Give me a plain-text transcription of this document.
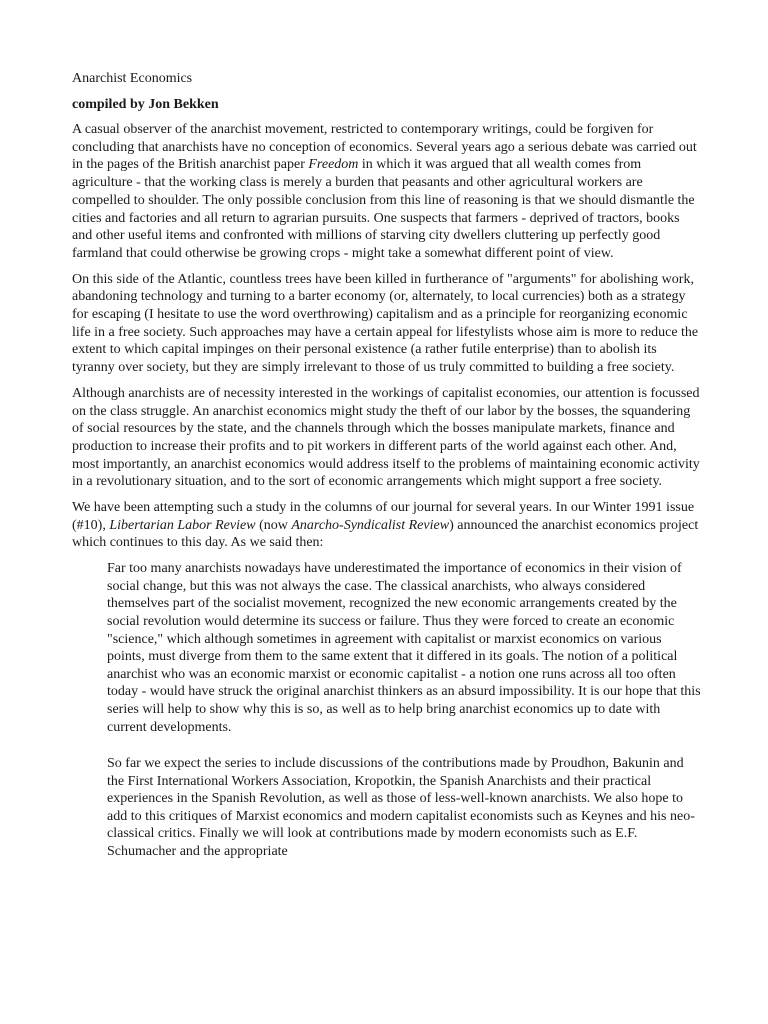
Anarchist Economics
compiled by Jon Bekken

A casual observer of the anarchist movement, restricted to contemporary writings, could be forgiven for concluding that anarchists have no conception of economics. Several years ago a serious debate was carried out in the pages of the British anarchist paper Freedom in which it was argued that all wealth comes from agriculture - that the working class is merely a burden that peasants and other agricultural workers are compelled to shoulder. The only possible conclusion from this line of reasoning is that we should dismantle the cities and factories and all return to agrarian pursuits. One suspects that farmers - deprived of tractors, books and other useful items and confronted with millions of starving city dwellers cluttering up perfectly good farmland that could otherwise be growing crops - might take a somewhat different point of view.

On this side of the Atlantic, countless trees have been killed in furtherance of "arguments" for abolishing work, abandoning technology and turning to a barter economy (or, alternately, to local currencies) both as a strategy for escaping (I hesitate to use the word overthrowing) capitalism and as a principle for reorganizing economic life in a free society. Such approaches may have a certain appeal for lifestylists whose aim is more to reduce the extent to which capital impinges on their personal existence (a rather futile enterprise) than to abolish its tyranny over society, but they are simply irrelevant to those of us truly committed to building a free society.

Although anarchists are of necessity interested in the workings of capitalist economies, our attention is focussed on the class struggle. An anarchist economics might study the theft of our labor by the bosses, the squandering of social resources by the state, and the channels through which the bosses manipulate markets, finance and production to increase their profits and to pit workers in different parts of the world against each other. And, most importantly, an anarchist economics would address itself to the problems of maintaining economic activity in a revolutionary situation, and to the sort of economic arrangements which might support a free society.

We have been attempting such a study in the columns of our journal for several years. In our Winter 1991 issue (#10), Libertarian Labor Review (now Anarcho-Syndicalist Review) announced the anarchist economics project which continues to this day. As we said then:

Far too many anarchists nowadays have underestimated the importance of economics in their vision of social change, but this was not always the case. The classical anarchists, who always considered themselves part of the socialist movement, recognized the new economic arrangements created by the social revolution would determine its success or failure. Thus they were forced to create an economic "science," which although sometimes in agreement with capitalist or marxist economics on various points, must diverge from them to the same extent that it differed in its goals. The notion of a political anarchist who was an economic marxist or economic capitalist - a notion one runs across all too often today - would have struck the original anarchist thinkers as an absurd impossibility. It is our hope that this series will help to show why this is so, as well as to help bring anarchist economics up to date with current developments.

So far we expect the series to include discussions of the contributions made by Proudhon, Bakunin and the First International Workers Association, Kropotkin, the Spanish Anarchists and their practical experiences in the Spanish Revolution, as well as those of less-well-known anarchists. We also hope to add to this critiques of Marxist economics and modern capitalist economists such as Keynes and his neo-classical critics. Finally we will look at contributions made by modern economists such as E.F. Schumacher and the appropriate
